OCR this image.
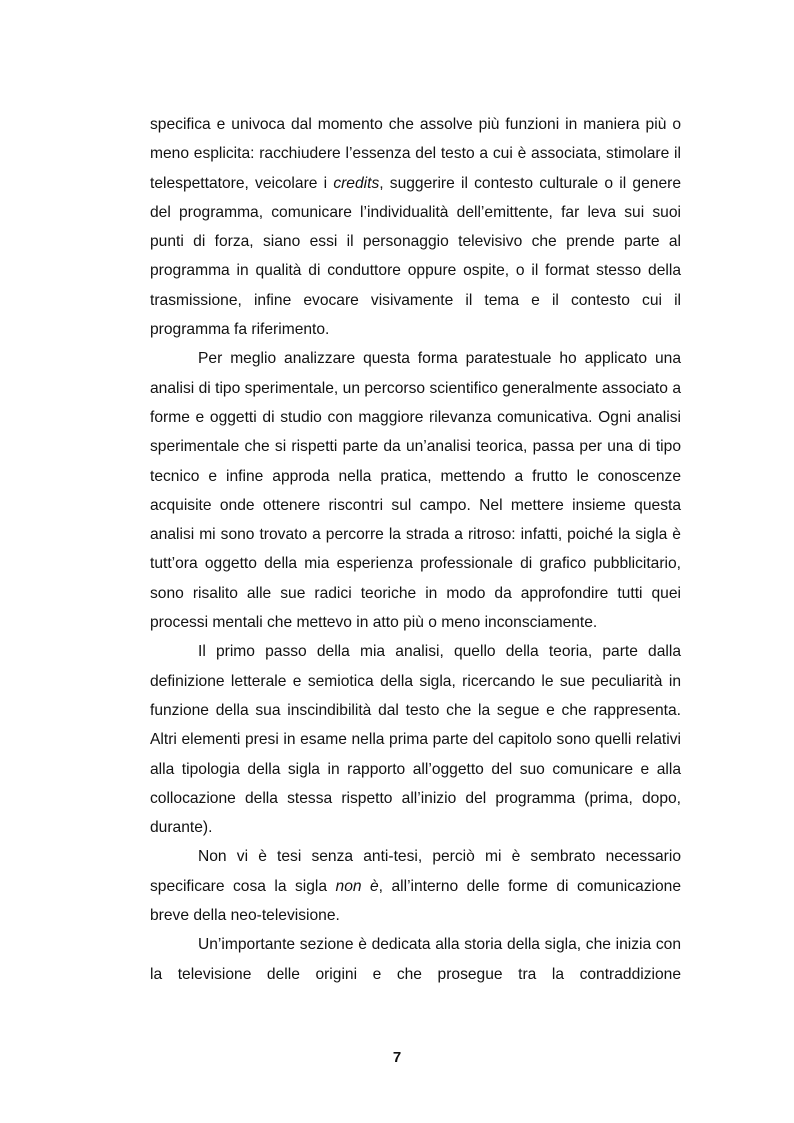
specifica e univoca dal momento che assolve più funzioni in maniera più o meno esplicita: racchiudere l’essenza del testo a cui è associata, stimolare il telespettatore, veicolare i credits, suggerire il contesto culturale o il genere del programma, comunicare l’individualità dell’emittente, far leva sui suoi punti di forza, siano essi il personaggio televisivo che prende parte al programma in qualità di conduttore oppure ospite, o il format stesso della trasmissione, infine evocare visivamente il tema e il contesto cui il programma fa riferimento.

Per meglio analizzare questa forma paratestuale ho applicato una analisi di tipo sperimentale, un percorso scientifico generalmente associato a forme e oggetti di studio con maggiore rilevanza comunicativa. Ogni analisi sperimentale che si rispetti parte da un’analisi teorica, passa per una di tipo tecnico e infine approda nella pratica, mettendo a frutto le conoscenze acquisite onde ottenere riscontri sul campo. Nel mettere insieme questa analisi mi sono trovato a percorre la strada a ritroso: infatti, poiché la sigla è tutt’ora oggetto della mia esperienza professionale di grafico pubblicitario, sono risalito alle sue radici teoriche in modo da approfondire tutti quei processi mentali che mettevo in atto più o meno inconsciamente.

Il primo passo della mia analisi, quello della teoria, parte dalla definizione letterale e semiotica della sigla, ricercando le sue peculiarità in funzione della sua inscindibilità dal testo che la segue e che rappresenta. Altri elementi presi in esame nella prima parte del capitolo sono quelli relativi alla tipologia della sigla in rapporto all’oggetto del suo comunicare e alla collocazione della stessa rispetto all’inizio del programma (prima, dopo, durante).

Non vi è tesi senza anti-tesi, perciò mi è sembrato necessario specificare cosa la sigla non è, all’interno delle forme di comunicazione breve della neo-televisione.

Un’importante sezione è dedicata alla storia della sigla, che inizia con la televisione delle origini e che prosegue tra la contraddizione

7
